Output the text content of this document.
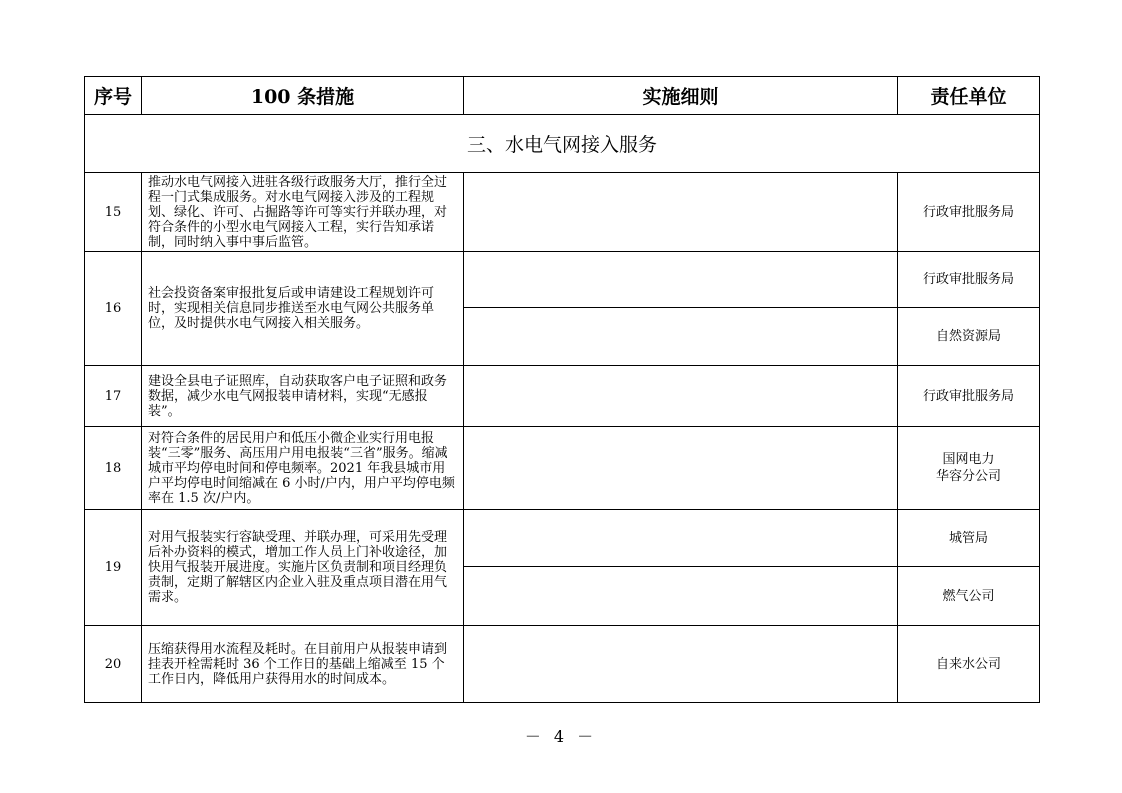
序号	100 条措施	实施细则	责任单位
三、水电气网接入服务			
15	推动水电气网接入进驻各级行政服务大厅，推行全过程一门式集成服务。对水电气网接入涉及的工程规划、绿化、许可、占掘路等许可等实行并联办理，对符合条件的小型水电气网接入工程，实行告知承诺制，同时纳入事中事后监管。		行政审批服务局
16	社会投资备案审报批复后或申请建设工程规划许可时，实现相关信息同步推送至水电气网公共服务单位，及时提供水电气网接入相关服务。		行政审批服务局
			自然资源局
17	建设全县电子证照库，自动获取客户电子证照和政务数据，减少水电气网报装申请材料，实现“无感报装”。		行政审批服务局
18	对符合条件的居民用户和低压小微企业实行用电报装“三零”服务、高压用户用电报装“三省”服务。缩减城市平均停电时间和停电频率。2021 年我县城市用户平均停电时间缩减在 6 小时/户内，用户平均停电频率在 1.5 次/户内。		国网电力
华容分公司
19	对用气报装实行容缺受理、并联办理，可采用先受理后补办资料的模式，增加工作人员上门补收途径，加快用气报装开展进度。实施片区负责制和项目经理负责制，定期了解辖区内企业入驻及重点项目潜在用气需求。		城管局
			燃气公司
20	压缩获得用水流程及耗时。在目前用户从报装申请到挂表开栓需耗时 36 个工作日的基础上缩减至 15 个工作日内，降低用户获得用水的时间成本。		自来水公司
－ 4 －
